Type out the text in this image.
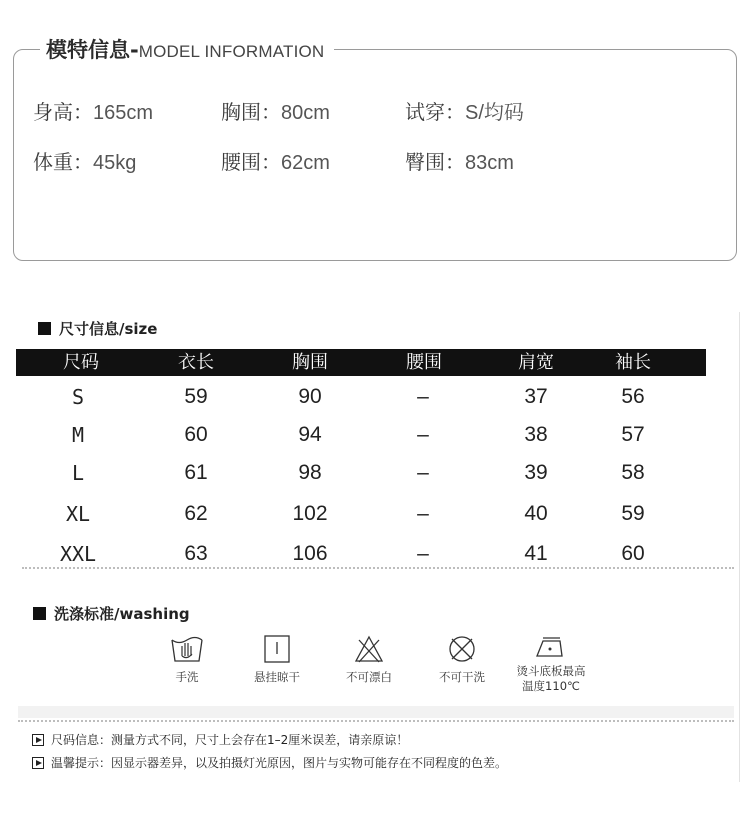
模特信息- MODEL INFORMATION
身高：165cm	胸围：80cm	试穿：S/均码
体重：45kg	腰围：62cm	臀围：83cm
尺寸信息/size
尺码	衣长	胸围	腰围	肩宽	袖长
S	59	90	–	37	56
M	60	94	–	38	57
L	61	98	–	39	58
XL	62	102	–	40	59
XXL	63	106	–	41	60
洗涤标准/washing
手洗	悬挂晾干	不可漂白	不可干洗	烫斗底板最高
温度110℃
尺码信息：测量方式不同，尺寸上会存在1–2厘米误差，请亲原谅！
温馨提示：因显示器差异，以及拍摄灯光原因，图片与实物可能存在不同程度的色差。
